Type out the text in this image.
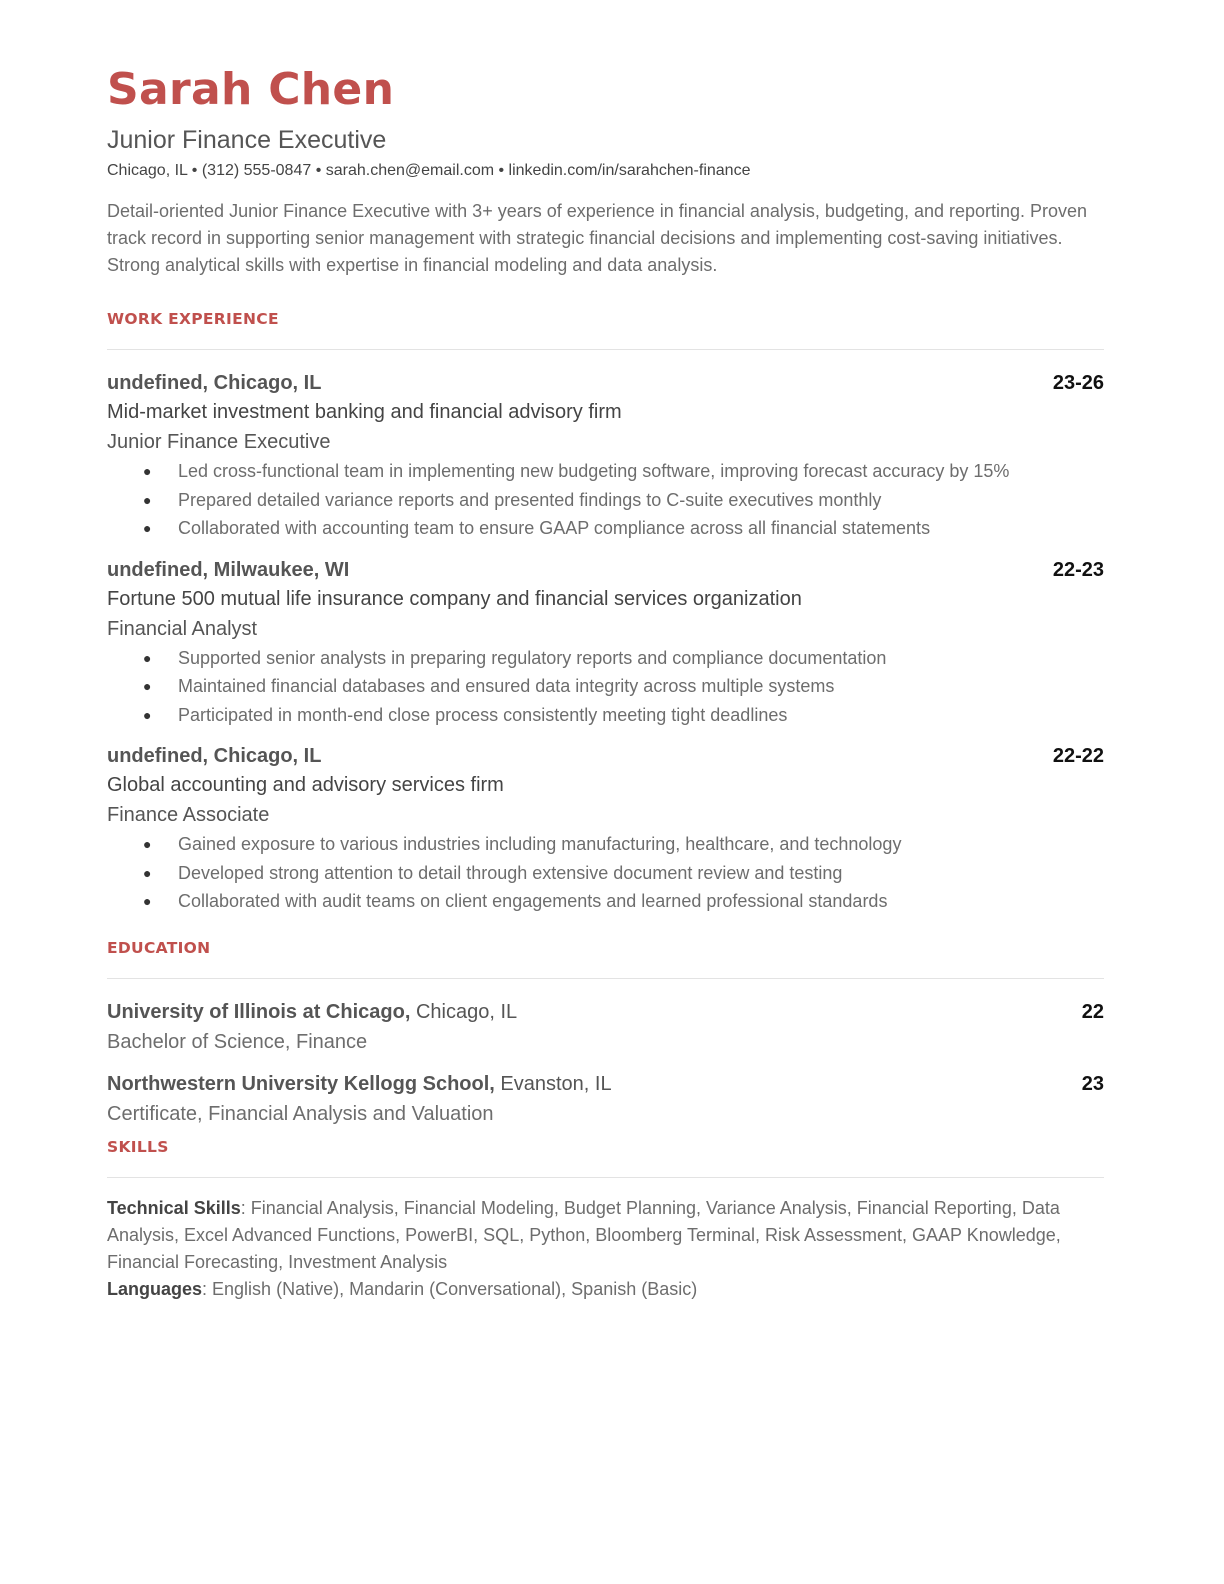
Sarah Chen
Junior Finance Executive
Chicago, IL • (312) 555-0847 • sarah.chen@email.com • linkedin.com/in/sarahchen-finance
Detail-oriented Junior Finance Executive with 3+ years of experience in financial analysis, budgeting, and reporting. Proven track record in supporting senior management with strategic financial decisions and implementing cost-saving initiatives. Strong analytical skills with expertise in financial modeling and data analysis.
WORK EXPERIENCE
undefined, Chicago, IL	23-26
Mid-market investment banking and financial advisory firm
Junior Finance Executive
● Led cross-functional team in implementing new budgeting software, improving forecast accuracy by 15%
● Prepared detailed variance reports and presented findings to C-suite executives monthly
● Collaborated with accounting team to ensure GAAP compliance across all financial statements
undefined, Milwaukee, WI	22-23
Fortune 500 mutual life insurance company and financial services organization
Financial Analyst
● Supported senior analysts in preparing regulatory reports and compliance documentation
● Maintained financial databases and ensured data integrity across multiple systems
● Participated in month-end close process consistently meeting tight deadlines
undefined, Chicago, IL	22-22
Global accounting and advisory services firm
Finance Associate
● Gained exposure to various industries including manufacturing, healthcare, and technology
● Developed strong attention to detail through extensive document review and testing
● Collaborated with audit teams on client engagements and learned professional standards
EDUCATION
University of Illinois at Chicago, Chicago, IL	22
Bachelor of Science, Finance
Northwestern University Kellogg School, Evanston, IL	23
Certificate, Financial Analysis and Valuation
SKILLS
Technical Skills: Financial Analysis, Financial Modeling, Budget Planning, Variance Analysis, Financial Reporting, Data Analysis, Excel Advanced Functions, PowerBI, SQL, Python, Bloomberg Terminal, Risk Assessment, GAAP Knowledge, Financial Forecasting, Investment Analysis
Languages: English (Native), Mandarin (Conversational), Spanish (Basic)
